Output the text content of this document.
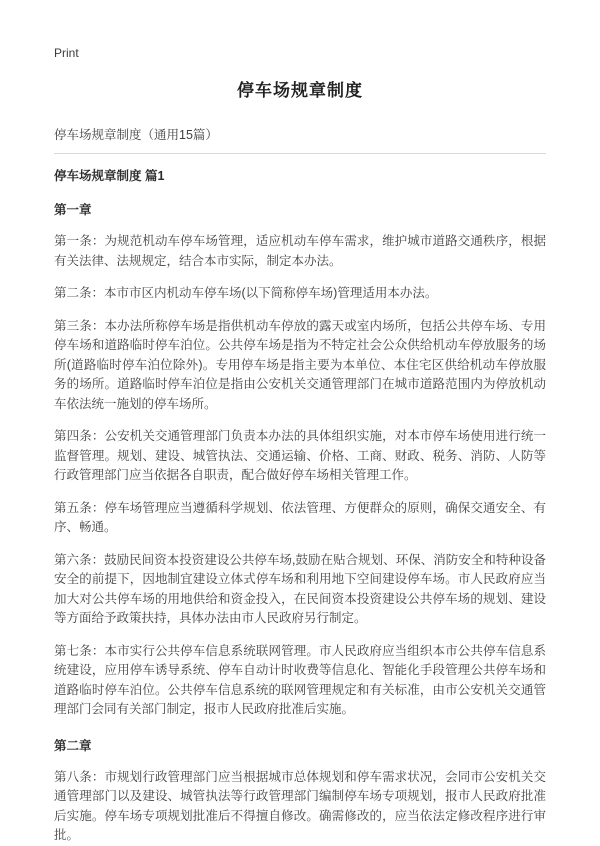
Print
停车场规章制度
停车场规章制度（通用15篇）
停车场规章制度 篇1
第一章

第一条：为规范机动车停车场管理，适应机动车停车需求，维护城市道路交通秩序，根据有关法律、法规规定，结合本市实际，制定本办法。

第二条：本市市区内机动车停车场(以下简称停车场)管理适用本办法。

第三条：本办法所称停车场是指供机动车停放的露天或室内场所，包括公共停车场、专用停车场和道路临时停车泊位。公共停车场是指为不特定社会公众供给机动车停放服务的场所(道路临时停车泊位除外)。专用停车场是指主要为本单位、本住宅区供给机动车停放服务的场所。道路临时停车泊位是指由公安机关交通管理部门在城市道路范围内为停放机动车依法统一施划的停车场所。

第四条：公安机关交通管理部门负责本办法的具体组织实施，对本市停车场使用进行统一监督管理。规划、建设、城管执法、交通运输、价格、工商、财政、税务、消防、人防等行政管理部门应当依据各自职责，配合做好停车场相关管理工作。

第五条：停车场管理应当遵循科学规划、依法管理、方便群众的原则，确保交通安全、有序、畅通。

第六条：鼓励民间资本投资建设公共停车场,鼓励在贴合规划、环保、消防安全和特种设备安全的前提下，因地制宜建设立体式停车场和利用地下空间建设停车场。市人民政府应当加大对公共停车场的用地供给和资金投入，在民间资本投资建设公共停车场的规划、建设等方面给予政策扶持，具体办法由市人民政府另行制定。

第七条：本市实行公共停车信息系统联网管理。市人民政府应当组织本市公共停车信息系统建设，应用停车诱导系统、停车自动计时收费等信息化、智能化手段管理公共停车场和道路临时停车泊位。公共停车信息系统的联网管理规定和有关标准，由市公安机关交通管理部门会同有关部门制定，报市人民政府批准后实施。

第二章

第八条：市规划行政管理部门应当根据城市总体规划和停车需求状况，会同市公安机关交通管理部门以及建设、城管执法等行政管理部门编制停车场专项规划，报市人民政府批准后实施。停车场专项规划批准后不得擅自修改。确需修改的，应当依法定修改程序进行审批。
